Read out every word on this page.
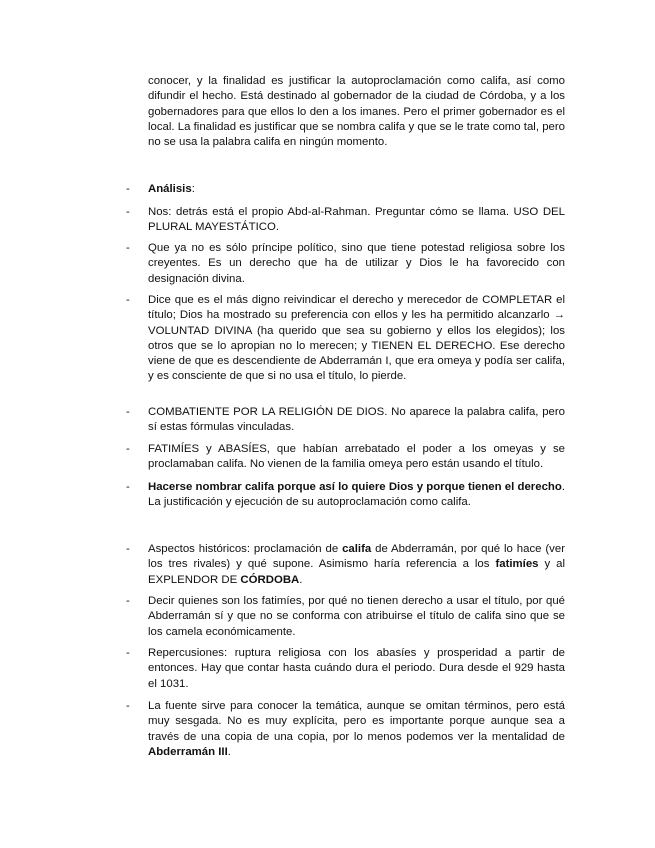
conocer, y la finalidad es justificar la autoproclamación como califa, así como difundir el hecho. Está destinado al gobernador de la ciudad de Córdoba, y a los gobernadores para que ellos lo den a los imanes. Pero el primer gobernador es el local. La finalidad es justificar que se nombra califa y que se le trate como tal, pero no se usa la palabra califa en ningún momento.

- Análisis:
- Nos: detrás está el propio Abd-al-Rahman. Preguntar cómo se llama. USO DEL PLURAL MAYESTÁTICO.
- Que ya no es sólo príncipe político, sino que tiene potestad religiosa sobre los creyentes. Es un derecho que ha de utilizar y Dios le ha favorecido con designación divina.
- Dice que es el más digno reivindicar el derecho y merecedor de COMPLETAR el título; Dios ha mostrado su preferencia con ellos y les ha permitido alcanzarlo → VOLUNTAD DIVINA (ha querido que sea su gobierno y ellos los elegidos); los otros que se lo apropian no lo merecen; y TIENEN EL DERECHO. Ese derecho viene de que es descendiente de Abderramán I, que era omeya y podía ser califa, y es consciente de que si no usa el título, lo pierde.
- COMBATIENTE POR LA RELIGIÓN DE DIOS. No aparece la palabra califa, pero sí estas fórmulas vinculadas.
- FATIMÍES y ABASÍES, que habían arrebatado el poder a los omeyas y se proclamaban califa. No vienen de la familia omeya pero están usando el título.
- Hacerse nombrar califa porque así lo quiere Dios y porque tienen el derecho. La justificación y ejecución de su autoproclamación como califa.
- Aspectos históricos: proclamación de califa de Abderramán, por qué lo hace (ver los tres rivales) y qué supone. Asimismo haría referencia a los fatimíes y al EXPLENDOR DE CÓRDOBA.
- Decir quienes son los fatimíes, por qué no tienen derecho a usar el título, por qué Abderramán sí y que no se conforma con atribuirse el título de califa sino que se los camela económicamente.
- Repercusiones: ruptura religiosa con los abasíes y prosperidad a partir de entonces. Hay que contar hasta cuándo dura el periodo. Dura desde el 929 hasta el 1031.
- La fuente sirve para conocer la temática, aunque se omitan términos, pero está muy sesgada. No es muy explícita, pero es importante porque aunque sea a través de una copia de una copia, por lo menos podemos ver la mentalidad de Abderramán III.
